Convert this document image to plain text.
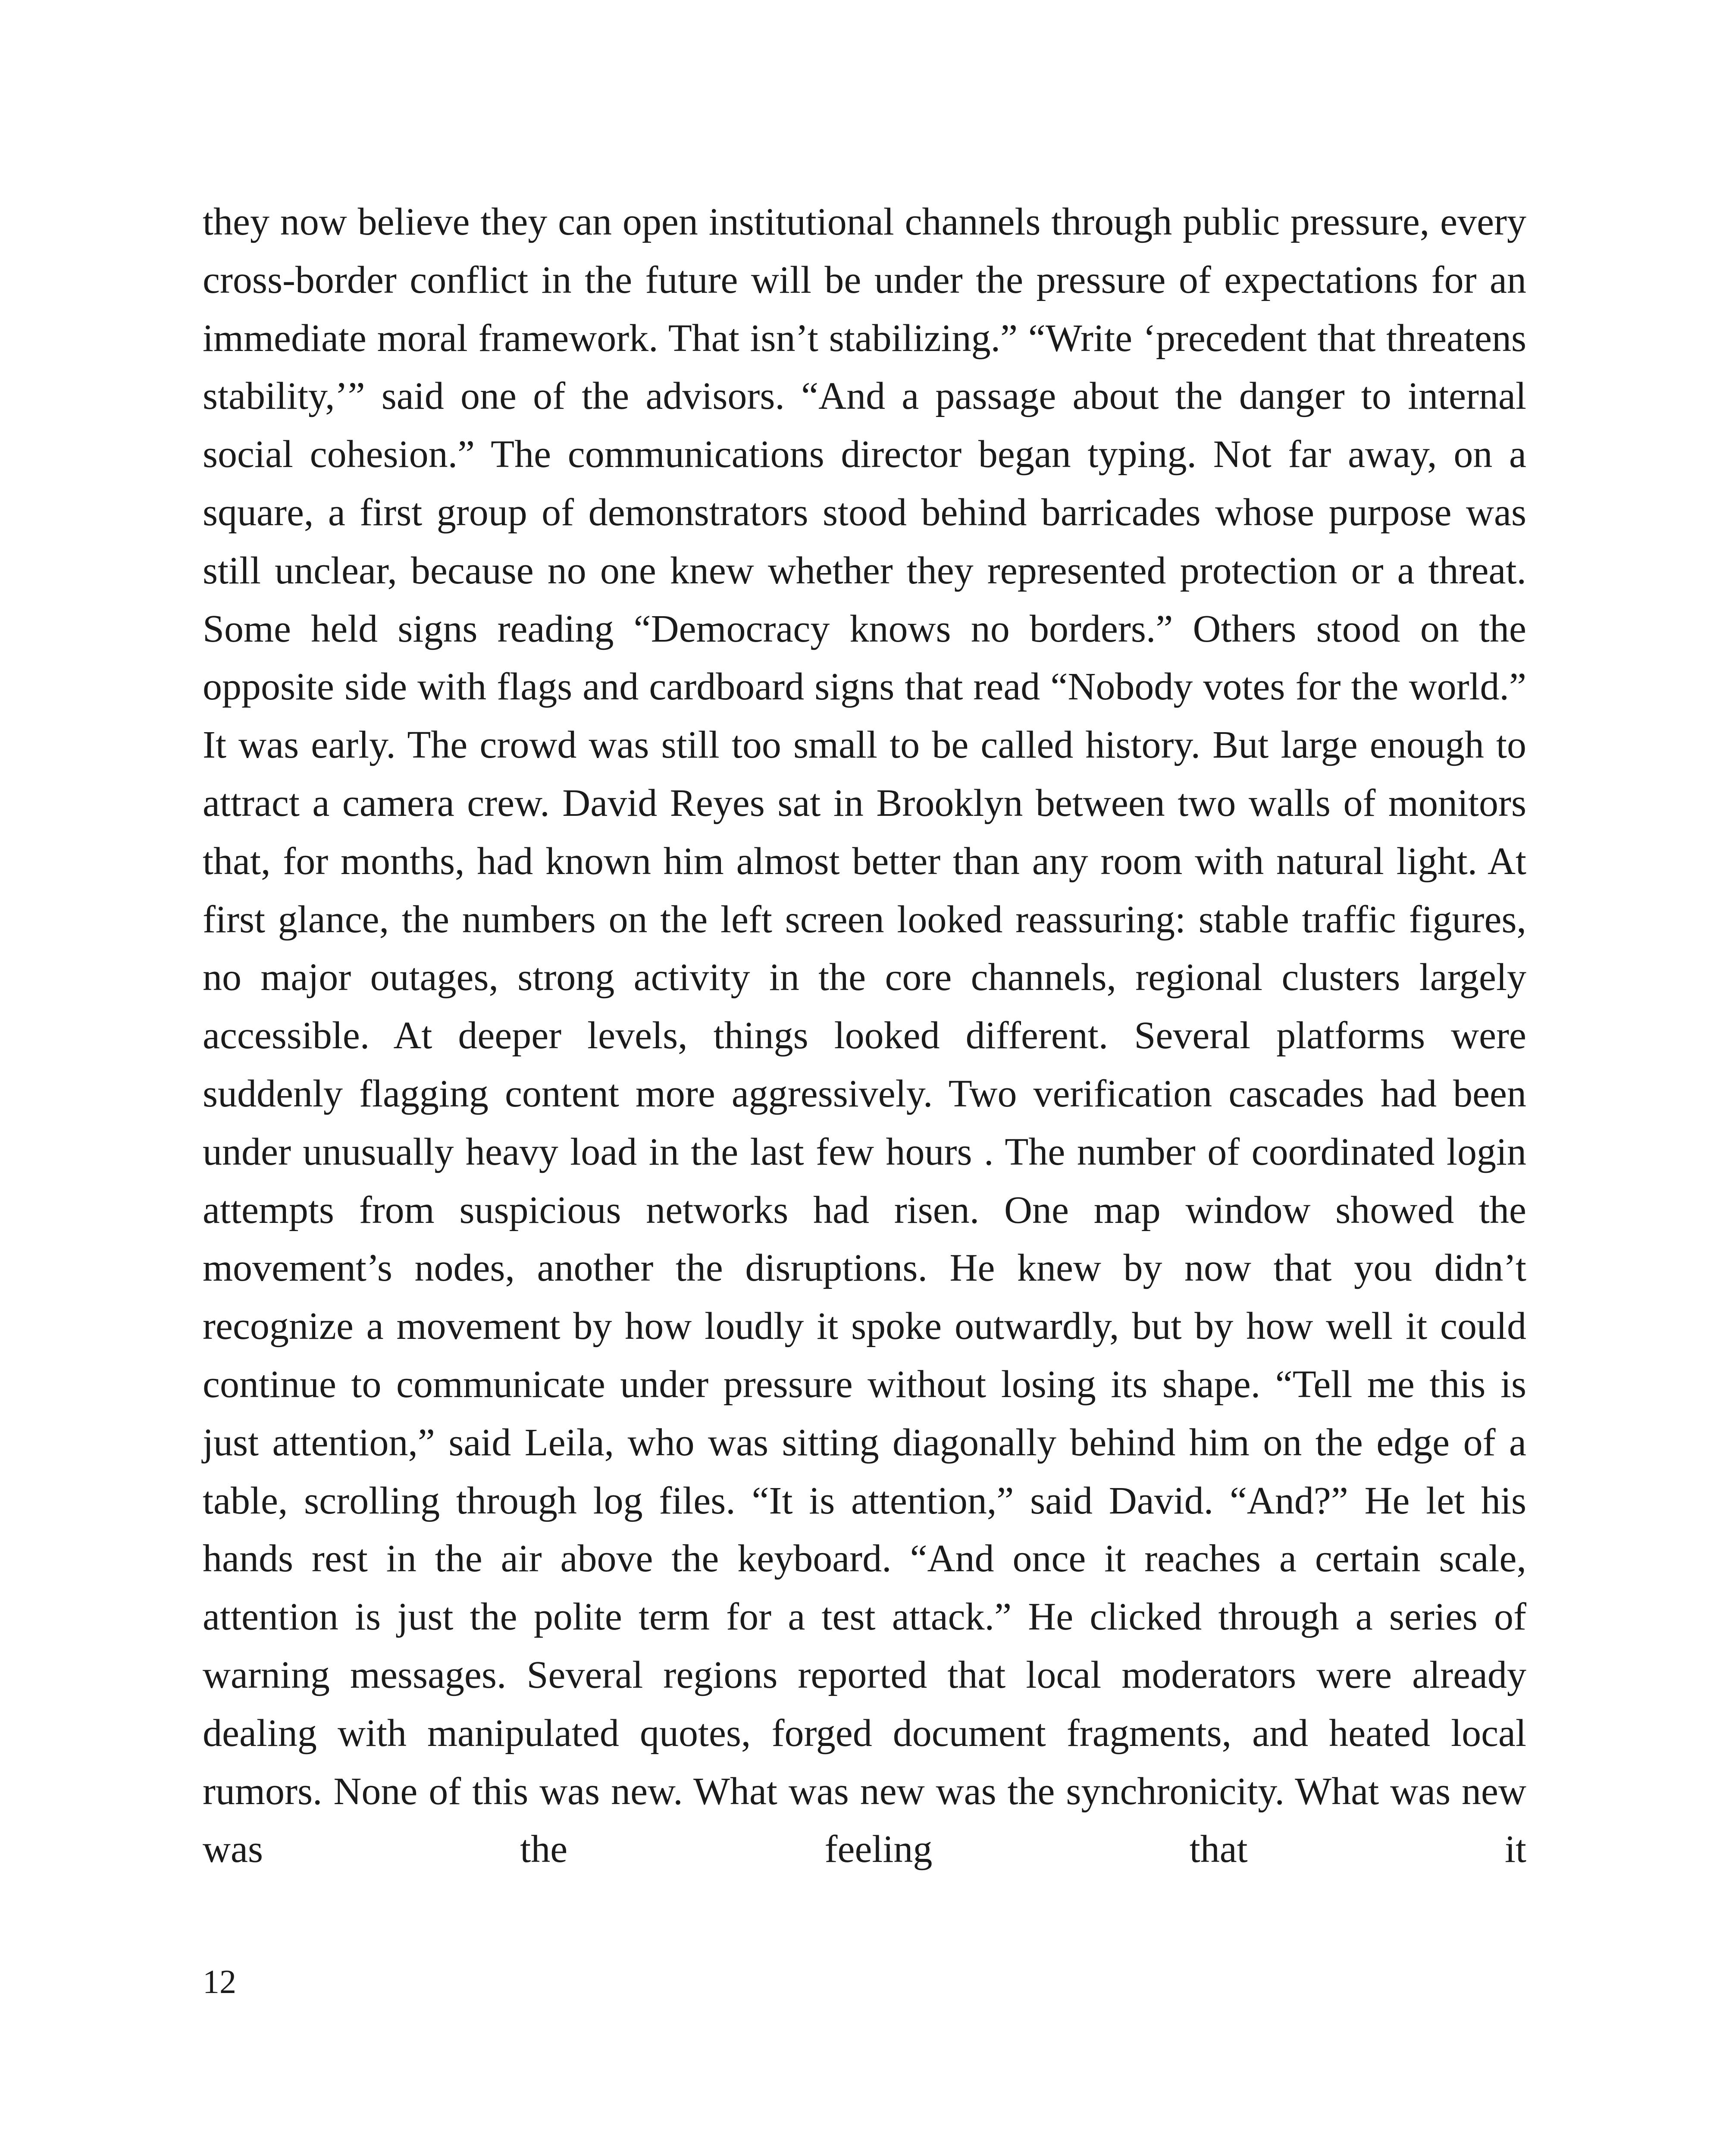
they now believe they can open institutional channels through public pressure, every cross-border conflict in the future will be under the pressure of expectations for an immediate moral framework. That isn’t stabilizing.” “Write ‘precedent that threatens stability,’” said one of the advisors. “And a passage about the danger to internal social cohesion.” The communications director began typing. Not far away, on a square, a first group of demonstrators stood behind barricades whose purpose was still unclear, because no one knew whether they represented protection or a threat. Some held signs reading “Democracy knows no borders.” Others stood on the opposite side with flags and cardboard signs that read “Nobody votes for the world.” It was early. The crowd was still too small to be called history. But large enough to attract a camera crew. David Reyes sat in Brooklyn between two walls of monitors that, for months, had known him almost better than any room with natural light. At first glance, the numbers on the left screen looked reassuring: stable traffic figures, no major outages, strong activity in the core channels, regional clusters largely accessible. At deeper levels, things looked different. Several platforms were suddenly flagging content more aggressively. Two verification cascades had been under unusually heavy load in the last few hours . The number of coordinated login attempts from suspicious networks had risen. One map window showed the movement’s nodes, another the disruptions. He knew by now that you didn’t recognize a movement by how loudly it spoke outwardly, but by how well it could continue to communicate under pressure without losing its shape. “Tell me this is just attention,” said Leila, who was sitting diagonally behind him on the edge of a table, scrolling through log files. “It is attention,” said David. “And?” He let his hands rest in the air above the keyboard. “And once it reaches a certain scale, attention is just the polite term for a test attack.” He clicked through a series of warning messages. Several regions reported that local moderators were already dealing with manipulated quotes, forged document fragments, and heated local rumors. None of this was new. What was new was the synchronicity. What was new was the feeling that it

12
